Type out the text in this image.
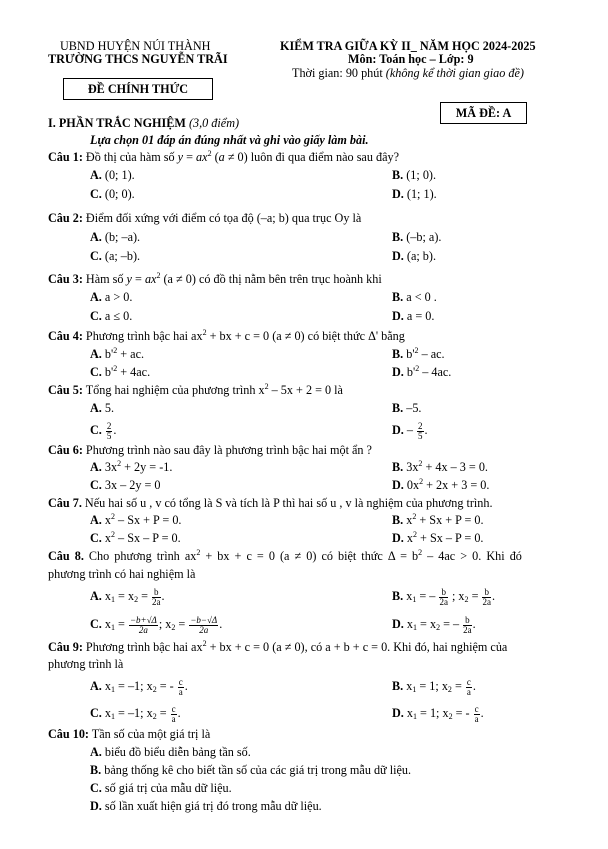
UBND HUYỆN NÚI THÀNH
TRƯỜNG THCS NGUYỄN TRÃI
ĐỀ CHÍNH THỨC
KIỂM TRA GIỮA KỲ II_ NĂM HỌC 2024-2025
Môn: Toán học – Lớp: 9
Thời gian: 90 phút (không kể thời gian giao đề)
MÃ ĐỀ: A
I. PHẦN TRẮC NGHIỆM (3,0 điểm)
Lựa chọn 01 đáp án đúng nhất và ghi vào giấy làm bài.
Câu 1: Đồ thị của hàm số $y = ax^2$ (a ≠ 0) luôn đi qua điểm nào sau đây?
A. (0; 1).	B. (1; 0).
C. (0; 0).	D. (1; 1).
Câu 2: Điểm đối xứng với điểm có tọa độ (–a; b) qua trục Oy là
A. (b; –a).	B. (–b; a).
C. (a; –b).	D. (a; b).
Câu 3: Hàm số $y = ax^2$ (a ≠ 0) có đồ thị nằm bên trên trục hoành khi
A. a > 0.	B. a < 0 .
C. a ≤ 0.	D. a = 0.
Câu 4: Phương trình bậc hai $ax^2$ + bx + c = 0 (a ≠ 0) có biệt thức Δ' bằng
A. $b'^2$ + ac.	B. $b'^2$ – ac.
C. $b'^2 + 4ac$.	D. $b'^2 - 4ac$.
Câu 5: Tổng hai nghiệm của phương trình $x^2 - 5x + 2 = 0$ là
A. 5.	B. –5.
C. $\frac{2}{5}$ .	D. – $\frac{2}{5}$ .
Câu 6: Phương trình nào sau đây là phương trình bậc hai một ẩn ?
A. $3x^2 + 2y = -1$.	B. $3x^2 + 4x - 3 = 0$.
C. 3x – 2y = 0	D. $0x^2 + 2x + 3 = 0$.
Câu 7. Nếu hai số u , v có tổng là S và tích là P thì hai số u , v là nghiệm của phương trình.
A. $x^2 - Sx + P = 0$.	B. $x^2 + Sx + P = 0$.
C. $x^2 - Sx - P = 0$.	D. $x^2 + Sx - P = 0$.
Câu 8. Cho phương trình $ax^2$ + bx + c = 0 (a ≠ 0) có biệt thức $\Delta = b^2 - 4ac > 0$. Khi đó
phương trình có hai nghiệm là
A. $x_1 = x_2 = \frac{b}{2a}$ .	B. $x_1$ = – $\frac{b}{2a}$ ; $x_2 = \frac{b}{2a}$ .
C. $x_1 = \frac{-b+√\Delta}{2a}$ ; $x_2 = \frac{-b-√\Delta}{2a}$ .	D. $x_1 = x_2$ = – $\frac{b}{2a}$ .
Câu 9: Phương trình bậc hai $ax^2$ + bx + c = 0 (a ≠ 0), có a + b + c = 0. Khi đó, hai nghiệm của
phương trình là
A. $x_1 = -1$; $x_2$ = - $\frac{c}{a}$ .	B. $x_1 = 1$; $x_2 = \frac{c}{a}$ .
C. $x_1 = -1$; $x_2 = \frac{c}{a}$ .	D. $x_1 = 1$; $x_2$ = - $\frac{c}{a}$ .
Câu 10: Tần số của một giá trị là
A. biểu đồ biểu diễn bảng tần số.
B. bảng thống kê cho biết tần số của các giá trị trong mẫu dữ liệu.
C. số giá trị của mẫu dữ liệu.
D. số lần xuất hiện giá trị đó trong mẫu dữ liệu.
